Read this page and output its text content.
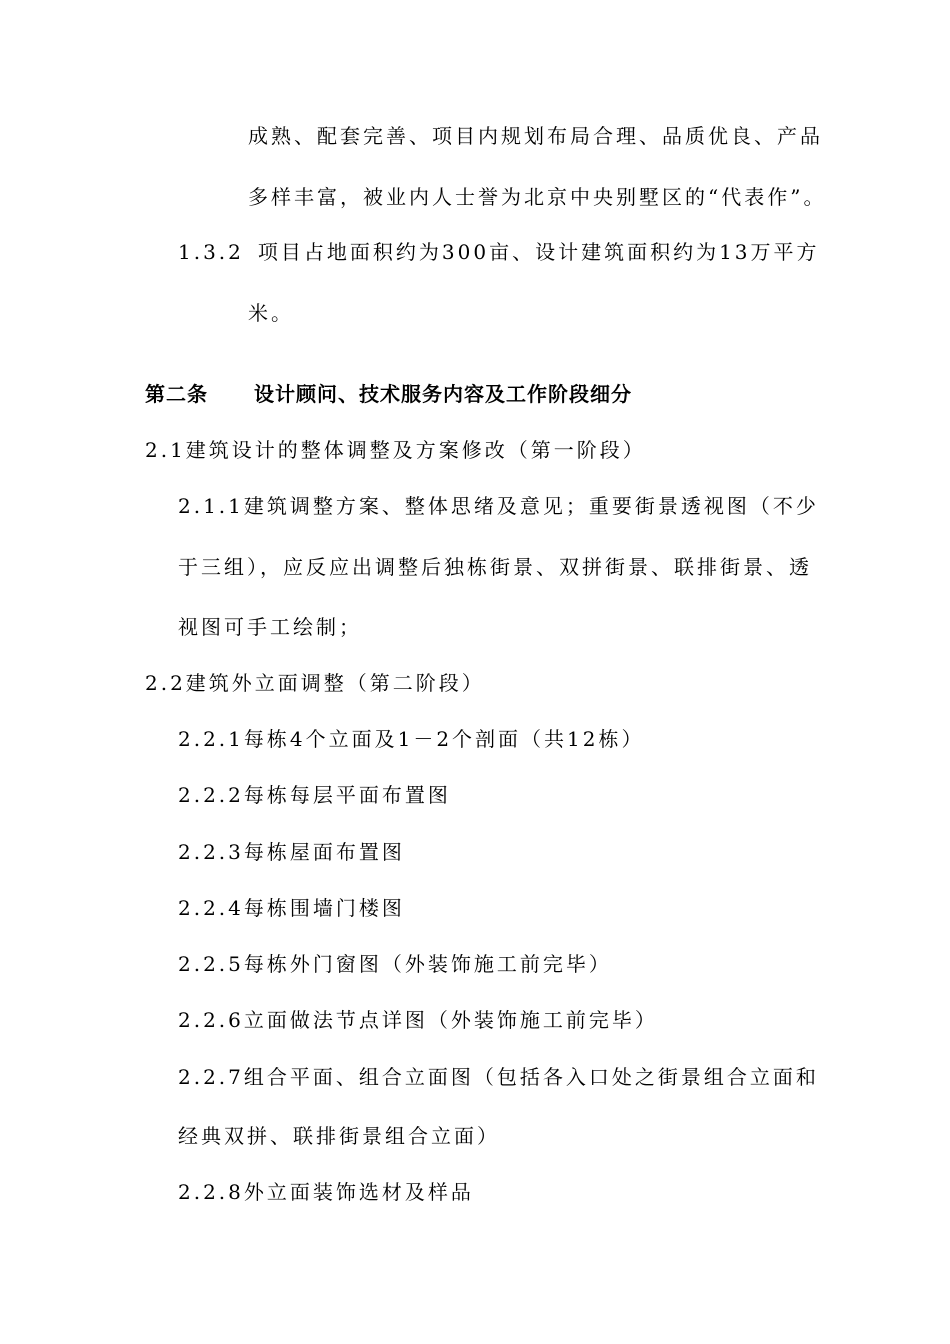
成熟、配套完善、项目内规划布局合理、品质优良、产品
多样丰富，被业内人士誉为北京中央别墅区的“代表作”。
1.3.2 项目占地面积约为300亩、设计建筑面积约为13万平方
米。
第二条 设计顾问、技术服务内容及工作阶段细分
2.1建筑设计的整体调整及方案修改（第一阶段）
2.1.1建筑调整方案、整体思绪及意见；重要街景透视图（不少
于三组），应反应出调整后独栋街景、双拼街景、联排街景、透
视图可手工绘制；
2.2建筑外立面调整（第二阶段）
2.2.1每栋4个立面及1－2个剖面（共12栋）
2.2.2每栋每层平面布置图
2.2.3每栋屋面布置图
2.2.4每栋围墙门楼图
2.2.5每栋外门窗图（外装饰施工前完毕）
2.2.6立面做法节点详图（外装饰施工前完毕）
2.2.7组合平面、组合立面图（包括各入口处之街景组合立面和
经典双拼、联排街景组合立面）
2.2.8外立面装饰选材及样品
